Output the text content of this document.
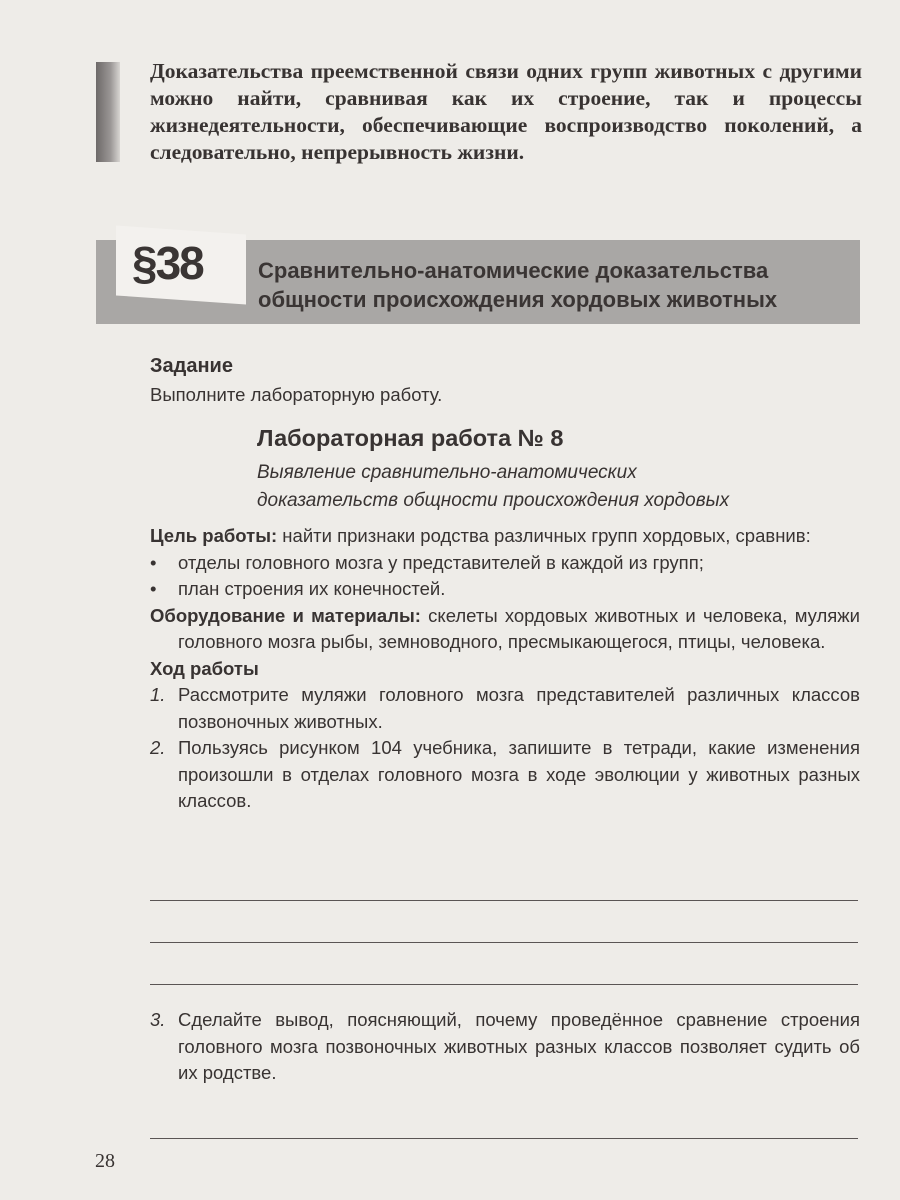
Доказательства преемственной связи одних групп животных с другими можно найти, сравнивая как их строение, так и процессы жизнедеятельности, обеспечивающие воспроизводство поколений, а следовательно, непрерывность жизни.
§38	Сравнительно-анатомические доказательства
общности происхождения хордовых животных
Задание
Выполните лабораторную работу.
Лабораторная работа № 8
Выявление сравнительно-анатомических
доказательств общности происхождения хордовых
Цель работы: найти признаки родства различных групп хордовых, сравнив:
•	отделы головного мозга у представителей в каждой из групп;
•	план строения их конечностей.
Оборудование и материалы: скелеты хордовых животных и человека, муляжи головного мозга рыбы, земноводного, пресмыкающегося, птицы, человека.
Ход работы
1. Рассмотрите муляжи головного мозга представителей различных классов позвоночных животных.
2. Пользуясь рисунком 104 учебника, запишите в тетради, какие изменения произошли в отделах головного мозга в ходе эволюции у животных разных классов.
3. Сделайте вывод, поясняющий, почему проведённое сравнение строения головного мозга позвоночных животных разных классов позволяет судить об их родстве.
28
